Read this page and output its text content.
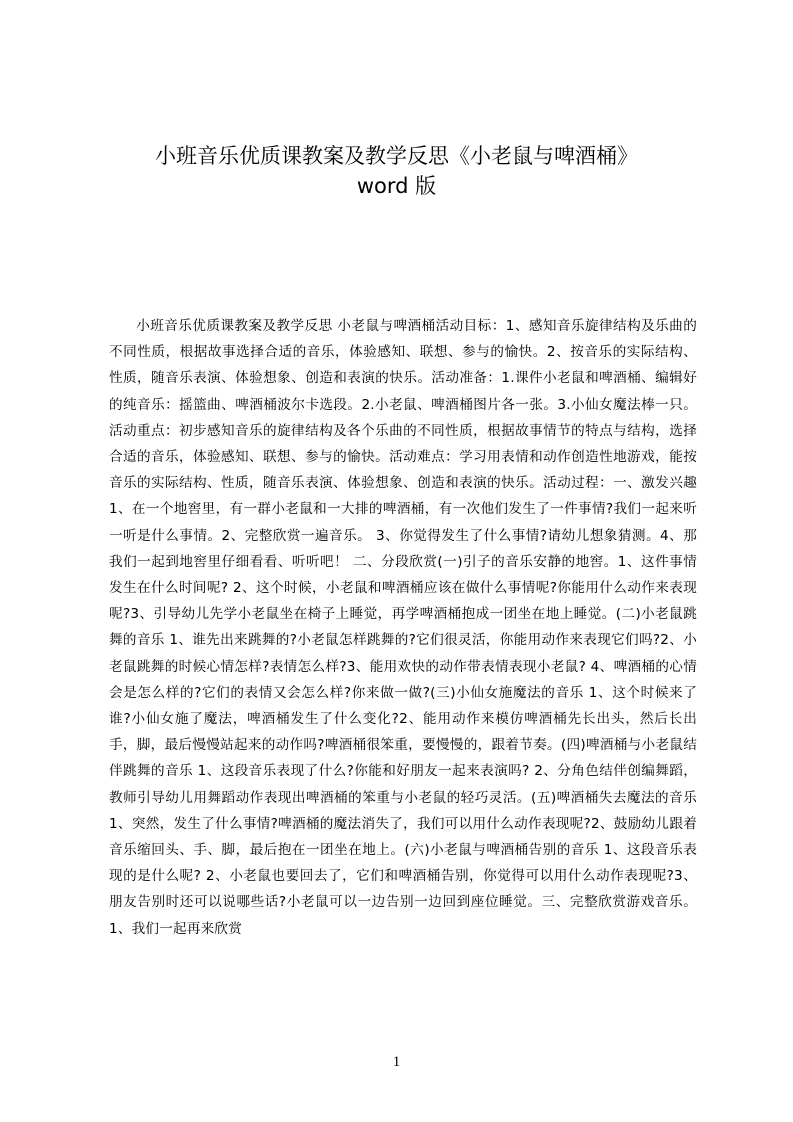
小班音乐优质课教案及教学反思《小老鼠与啤酒桶》
word 版

小班音乐优质课教案及教学反思 小老鼠与啤酒桶活动目标：1、感知音乐旋律结构及乐曲的不同性质，根据故事选择合适的音乐，体验感知、联想、参与的愉快。2、按音乐的实际结构、性质，随音乐表演、体验想象、创造和表演的快乐。活动准备：1.课件小老鼠和啤酒桶、编辑好的纯音乐：摇篮曲、啤酒桶波尔卡选段。2.小老鼠、啤酒桶图片各一张。3.小仙女魔法棒一只。活动重点：初步感知音乐的旋律结构及各个乐曲的不同性质，根据故事情节的特点与结构，选择合适的音乐，体验感知、联想、参与的愉快。活动难点：学习用表情和动作创造性地游戏，能按音乐的实际结构、性质，随音乐表演、体验想象、创造和表演的快乐。活动过程：一、激发兴趣1、在一个地窖里，有一群小老鼠和一大排的啤酒桶，有一次他们发生了一件事情?我们一起来听一听是什么事情。2、完整欣赏一遍音乐。 3、你觉得发生了什么事情?请幼儿想象猜测。4、那我们一起到地窖里仔细看看、听听吧！ 二、分段欣赏(一)引子的音乐安静的地窖。1、这件事情发生在什么时间呢? 2、这个时候，小老鼠和啤酒桶应该在做什么事情呢?你能用什么动作来表现呢?3、引导幼儿先学小老鼠坐在椅子上睡觉，再学啤酒桶抱成一团坐在地上睡觉。(二)小老鼠跳舞的音乐 1、谁先出来跳舞的?小老鼠怎样跳舞的?它们很灵活，你能用动作来表现它们吗?2、小老鼠跳舞的时候心情怎样?表情怎么样?3、能用欢快的动作带表情表现小老鼠? 4、啤酒桶的心情会是怎么样的?它们的表情又会怎么样?你来做一做?(三)小仙女施魔法的音乐 1、这个时候来了谁?小仙女施了魔法，啤酒桶发生了什么变化?2、能用动作来模仿啤酒桶先长出头，然后长出手，脚，最后慢慢站起来的动作吗?啤酒桶很笨重，要慢慢的，跟着节奏。(四)啤酒桶与小老鼠结伴跳舞的音乐 1、这段音乐表现了什么?你能和好朋友一起来表演吗? 2、分角色结伴创编舞蹈，教师引导幼儿用舞蹈动作表现出啤酒桶的笨重与小老鼠的轻巧灵活。(五)啤酒桶失去魔法的音乐 1、突然，发生了什么事情?啤酒桶的魔法消失了，我们可以用什么动作表现呢?2、鼓励幼儿跟着音乐缩回头、手、脚，最后抱在一团坐在地上。(六)小老鼠与啤酒桶告别的音乐 1、这段音乐表现的是什么呢? 2、小老鼠也要回去了，它们和啤酒桶告别，你觉得可以用什么动作表现呢?3、朋友告别时还可以说哪些话?小老鼠可以一边告别一边回到座位睡觉。三、完整欣赏游戏音乐。1、我们一起再来欣赏

1
